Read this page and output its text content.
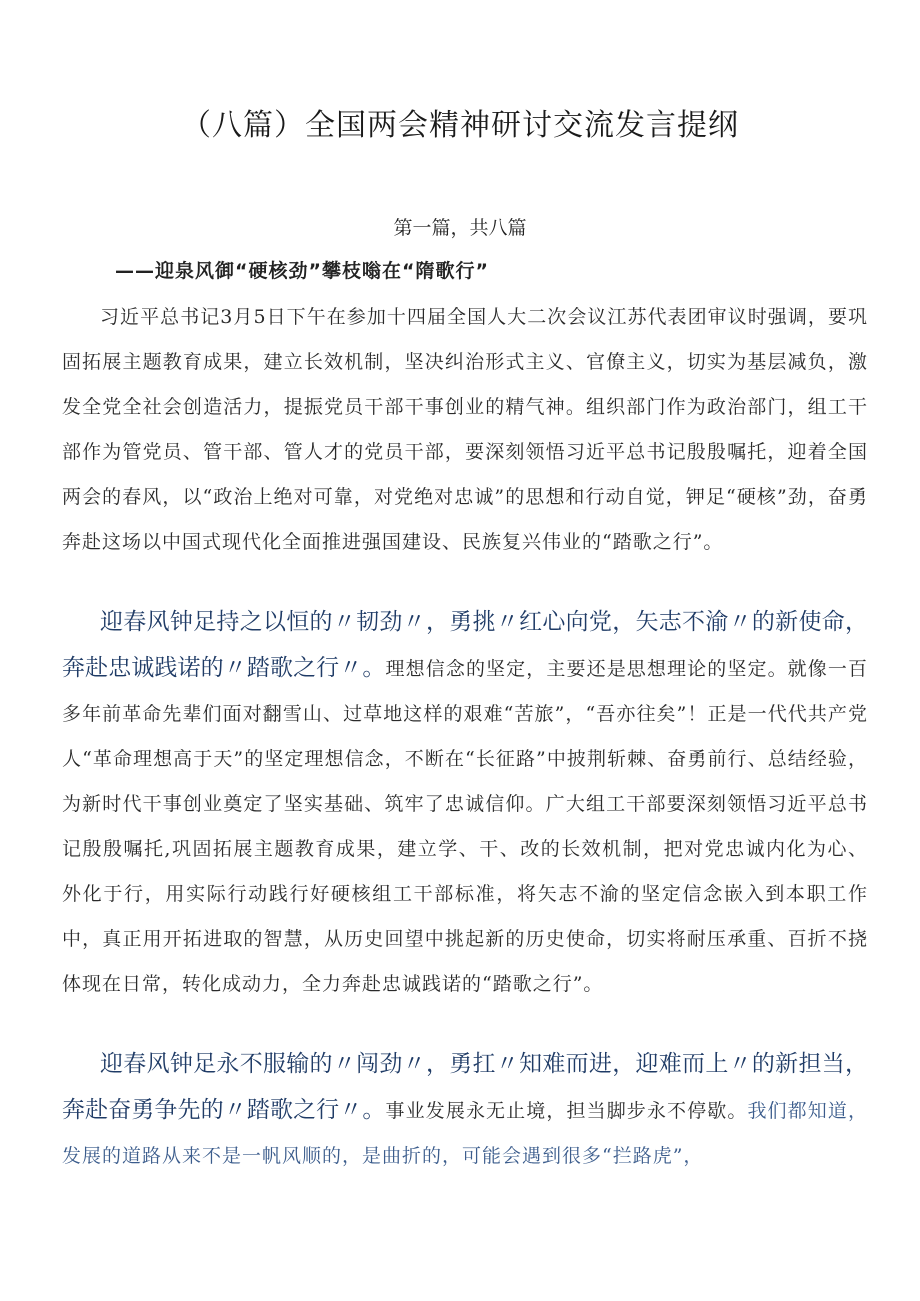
（八篇）全国两会精神研讨交流发言提纲
第一篇，共八篇
——迎泉风御“硬核劲”攀枝嗡在“隋歌行”

习近平总书记3月5日下午在参加十四届全国人大二次会议江苏代表团审议时强调，要巩固拓展主题教育成果，建立长效机制，坚决纠治形式主义、官僚主义，切实为基层减负，激发全党全社会创造活力，提振党员干部干事创业的精气神。组织部门作为政治部门，组工干部作为管党员、管干部、管人才的党员干部，要深刻领悟习近平总书记殷殷嘱托，迎着全国两会的春风，以“政治上绝对可靠，对党绝对忠诚”的思想和行动自觉，钾足“硬核”劲，奋勇奔赴这场以中国式现代化全面推进强国建设、民族复兴伟业的“踏歌之行”。

迎春风钟足持之以恒的〃韧劲〃，勇挑〃红心向党，矢志不渝〃的新使命，奔赴忠诚践诺的〃踏歌之行〃。理想信念的坚定，主要还是思想理论的坚定。就像一百多年前革命先辈们面对翻雪山、过草地这样的艰难“苦旅”，“吾亦往矣”！正是一代代共产党人“革命理想高于天”的坚定理想信念，不断在“长征路”中披荆斩棘、奋勇前行、总结经验，为新时代干事创业奠定了坚实基础、筑牢了忠诚信仰。广大组工干部要深刻领悟习近平总书记殷殷嘱托,巩固拓展主题教育成果，建立学、干、改的长效机制，把对党忠诚内化为心、外化于行，用实际行动践行好硬核组工干部标准，将矢志不渝的坚定信念嵌入到本职工作中，真正用开拓进取的智慧，从历史回望中挑起新的历史使命，切实将耐压承重、百折不挠体现在日常，转化成动力，全力奔赴忠诚践诺的“踏歌之行”。

迎春风钟足永不服输的〃闯劲〃，勇扛〃知难而进，迎难而上〃的新担当，奔赴奋勇争先的〃踏歌之行〃。事业发展永无止境，担当脚步永不停歇。我们都知道，发展的道路从来不是一帆风顺的，是曲折的，可能会遇到很多“拦路虎”，
